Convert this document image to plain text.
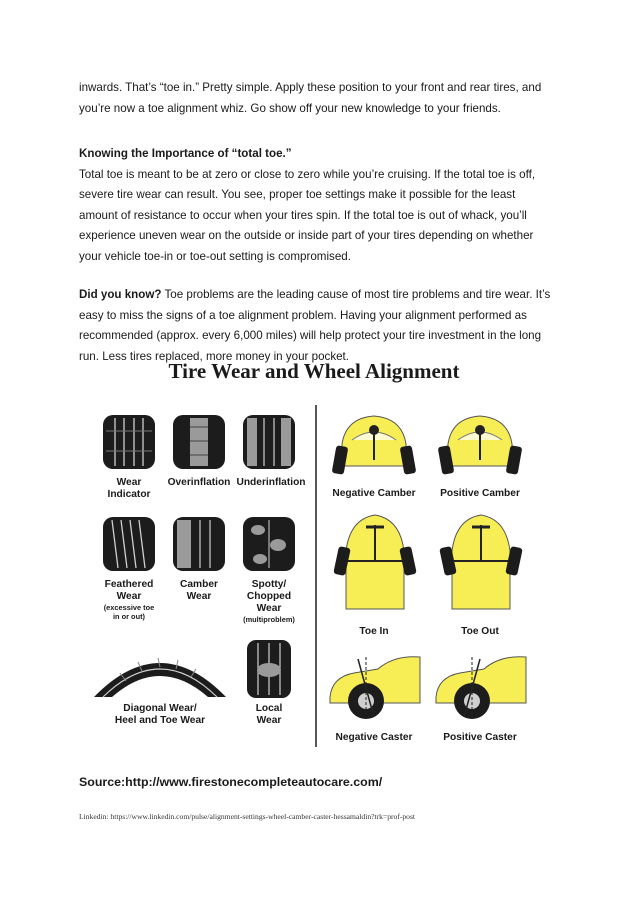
inwards. That’s “toe in.” Pretty simple. Apply these position to your front and rear tires, and

you’re now a toe alignment whiz. Go show off your new knowledge to your friends.

Knowing the Importance of “total toe.”

Total toe is meant to be at zero or close to zero while you’re cruising. If the total toe is off,

severe tire wear can result. You see, proper toe settings make it possible for the least

amount of resistance to occur when your tires spin. If the total toe is out of whack, you’ll

experience uneven wear on the outside or inside part of your tires depending on whether

your vehicle toe-in or toe-out setting is compromised.

Did you know? Toe problems are the leading cause of most tire problems and tire wear. It’s

easy to miss the signs of a toe alignment problem. Having your alignment performed as

recommended (approx. every 6,000 miles) will help protect your tire investment in the long

run. Less tires replaced, more money in your pocket.

Tire Wear and Wheel Alignment
Wear
Indicator
Overinflation Underinflation
Feathered
Wear
(excessive toe
in or out)
Camber
Wear
Spotty/
Chopped
Wear
(multiproblem)
Diagonal Wear/
Heel and Toe Wear
Local
Wear
Negative Camber	Positive Camber
Toe In	Toe Out
Negative Caster	Positive Caster
Source:http://www.firestonecompleteautocare.com/
Linkedin: https://www.linkedin.com/pulse/alignment-settings-wheel-camber-caster-hessamaldin?trk=prof-post
